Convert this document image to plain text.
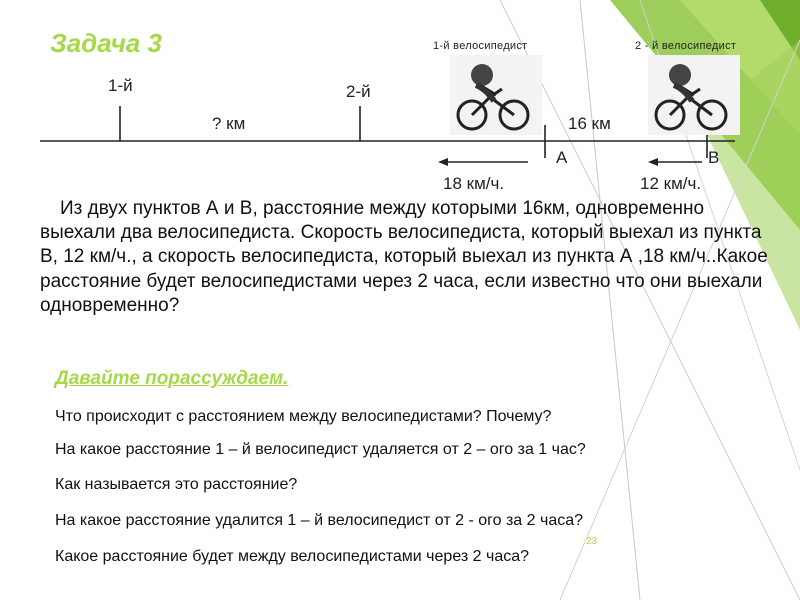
Задача 3	1-й велосипедист	2 - й велосипедист
1-й	2-й
? км	16 км
А	В
18 км/ч.	12 км/ч.
Из двух пунктов А и В, расстояние между которыми 16км, одновременно выехали два велосипедиста. Скорость велосипедиста, который выехал из пункта В, 12 км/ч., а скорость велосипедиста, который выехал из пункта А ,18 км/ч..Какое расстояние будет велосипедистами через 2 часа, если известно что они выехали одновременно?
Давайте порассуждаем.
Что происходит с расстоянием между велосипедистами? Почему?
На какое расстояние 1 – й велосипедист удаляется от 2 – ого за 1 час?
Как называется это расстояние?
На какое расстояние удалится 1 – й велосипедист от 2 - ого за 2 часа?
Какое расстояние будет между велосипедистами через 2 часа?
23
